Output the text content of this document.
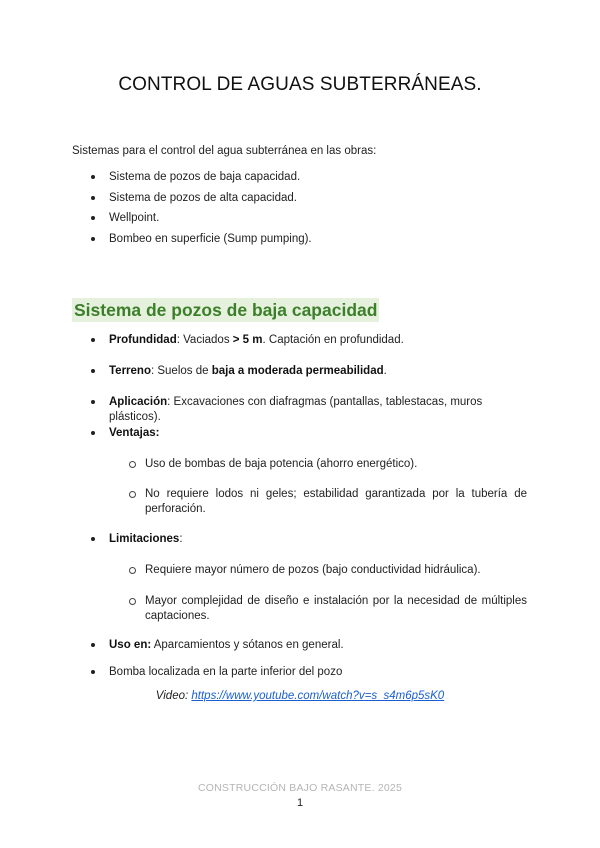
CONTROL DE AGUAS SUBTERRÁNEAS.
Sistemas para el control del agua subterránea en las obras:
Sistema de pozos de baja capacidad.
Sistema de pozos de alta capacidad.
Wellpoint.
Bombeo en superficie (Sump pumping).
Sistema de pozos de baja capacidad
Profundidad: Vaciados > 5 m. Captación en profundidad.
Terreno: Suelos de baja a moderada permeabilidad.
Aplicación: Excavaciones con diafragmas (pantallas, tablestacas, muros plásticos).
Ventajas:
Uso de bombas de baja potencia (ahorro energético).
No requiere lodos ni geles; estabilidad garantizada por la tubería de perforación.
Limitaciones:
Requiere mayor número de pozos (bajo conductividad hidráulica).
Mayor complejidad de diseño e instalación por la necesidad de múltiples captaciones.
Uso en: Aparcamientos y sótanos en general.
Bomba localizada en la parte inferior del pozo
Video: https://www.youtube.com/watch?v=s_s4m6p5sK0
CONSTRUCCIÓN BAJO RASANTE. 2025
1
